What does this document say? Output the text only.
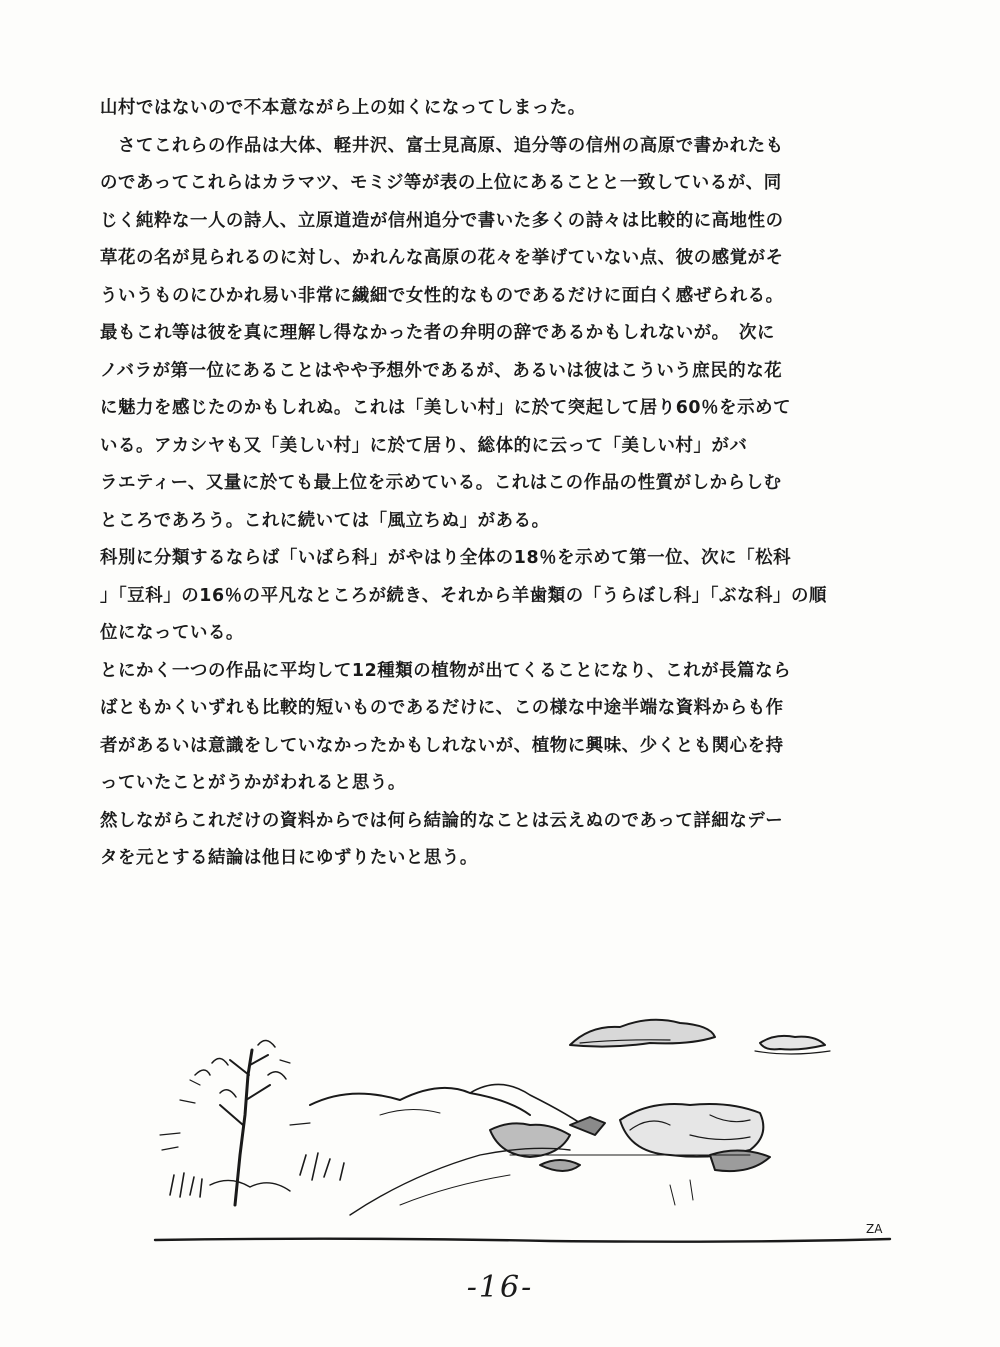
山村ではないので不本意ながら上の如くになってしまった。
　さてこれらの作品は大体、軽井沢、富士見高原、追分等の信州の高原で書かれたも
のであってこれらはカラマツ、モミジ等が表の上位にあることと一致しているが、同
じく純粋な一人の詩人、立原道造が信州追分で書いた多くの詩々は比較的に高地性の
草花の名が見られるのに対し、かれんな高原の花々を挙げていない点、彼の感覚がそ
ういうものにひかれ易い非常に繊細で女性的なものであるだけに面白く感ぜられる。
最もこれ等は彼を真に理解し得なかった者の弁明の辞であるかもしれないが。　次に
ノバラが第一位にあることはやや予想外であるが、あるいは彼はこういう庶民的な花
に魅力を感じたのかもしれぬ。これは「美しい村」に於て突起して居り60％を示めて
いる。アカシヤも又「美しい村」に於て居り、総体的に云って「美しい村」がバ
ラエティー、又量に於ても最上位を示めている。これはこの作品の性質がしからしむ
ところであろう。これに続いては「風立ちぬ」がある。
科別に分類するならば「いばら科」がやはり全体の18％を示めて第一位、次に「松科
」「豆科」の16％の平凡なところが続き、それから羊歯類の「うらぼし科」「ぶな科」の順
位になっている。
とにかく一つの作品に平均して12種類の植物が出てくることになり、これが長篇なら
ばともかくいずれも比較的短いものであるだけに、この様な中途半端な資料からも作
者があるいは意識をしていなかったかもしれないが、植物に興味、少くとも関心を持
っていたことがうかがわれると思う。
然しながらこれだけの資料からでは何ら結論的なことは云えぬのであって詳細なデー
タを元とする結論は他日にゆずりたいと思う。
ZA
-16-
